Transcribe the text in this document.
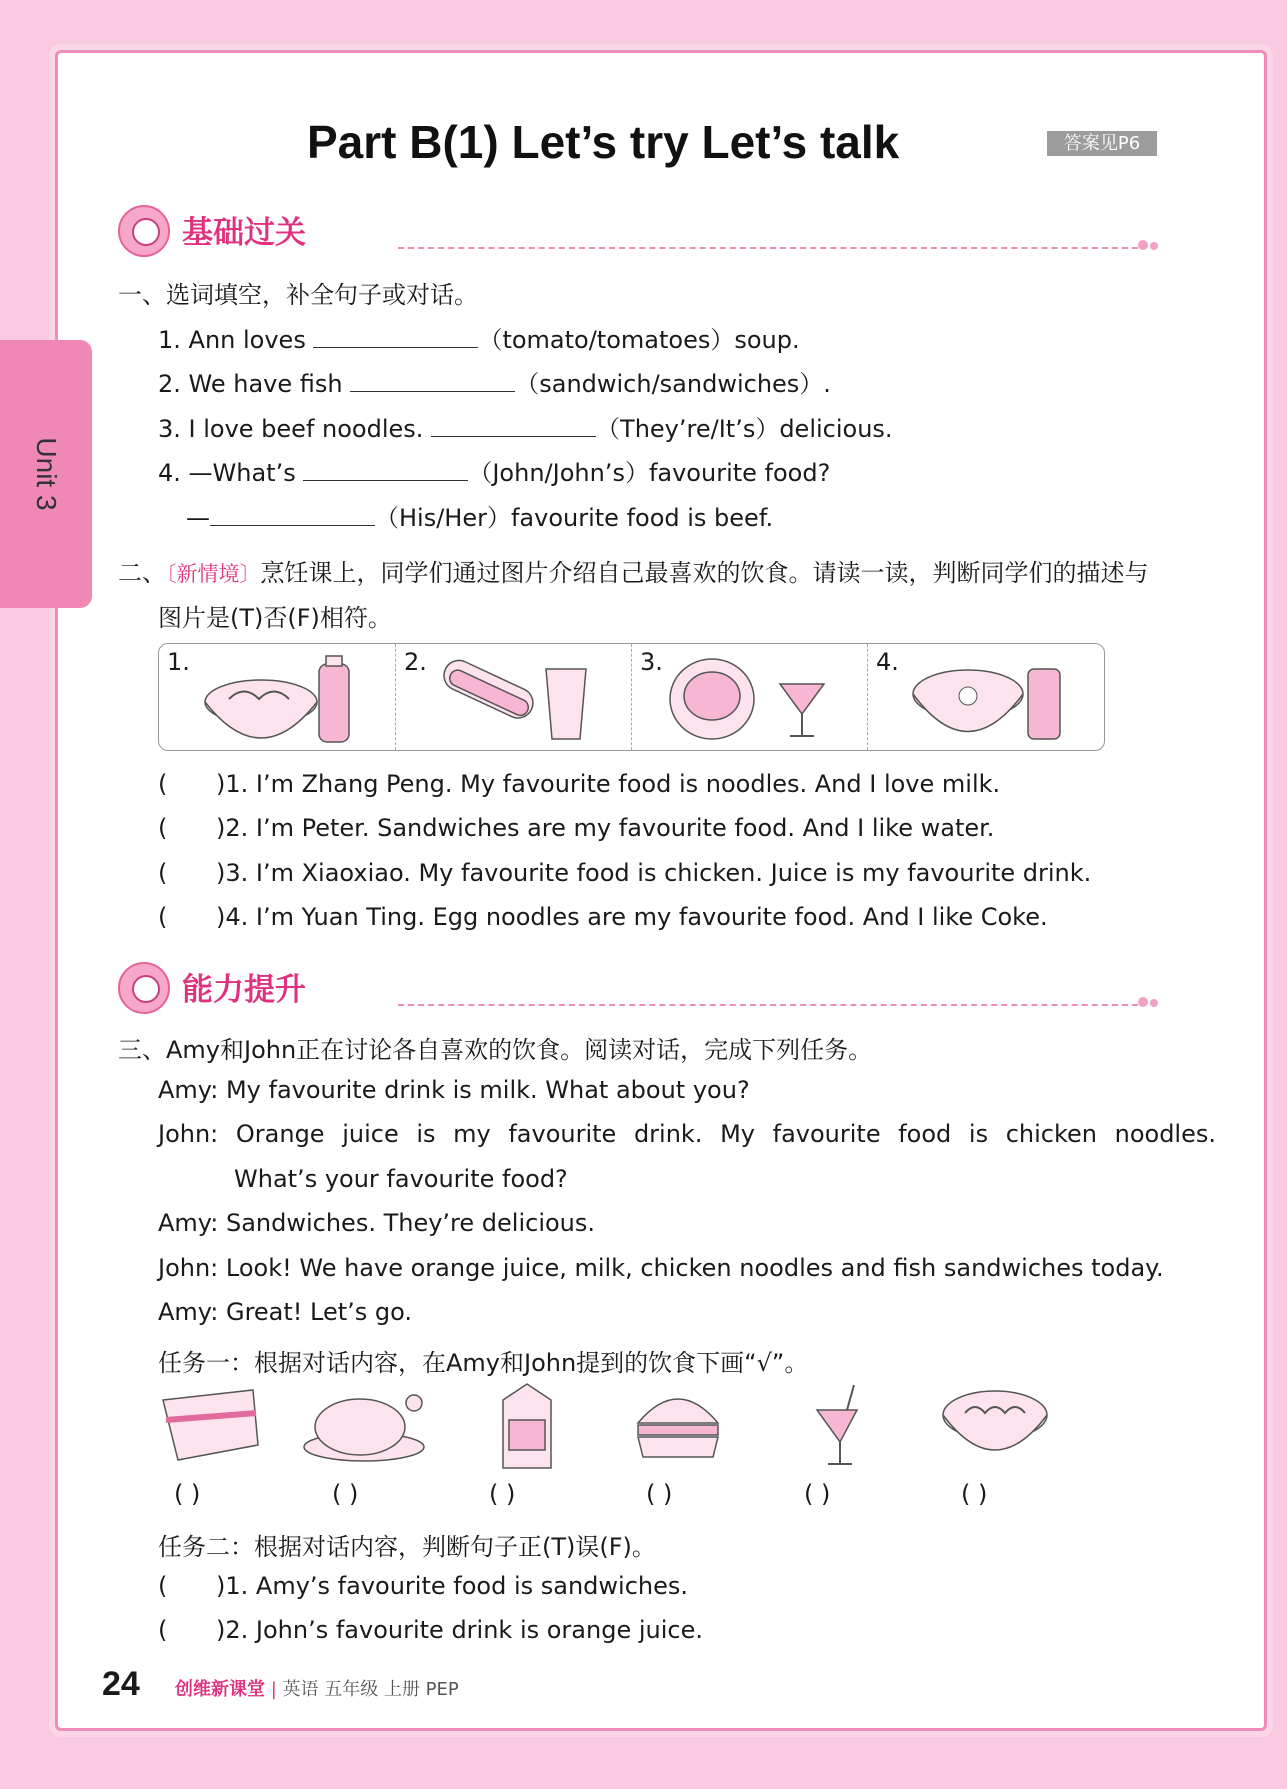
Unit 3
Part B(1) Let’s try Let’s talk	答案见P6
基础过关
一、选词填空，补全句子或对话。
1. Ann loves	（tomato/tomatoes）soup.
2. We have fish	（sandwich/sandwiches）.
3. I love beef noodles.	（They’re/It’s）delicious.
4. —What’s	（John/John’s）favourite food?
—	（His/Her）favourite food is beef.
二、〔新情境〕烹饪课上，同学们通过图片介绍自己最喜欢的饮食。请读一读，判断同学们的描述与
图片是(T)否(F)相符。
1.	2.	3.	4.
( )1. I’m Zhang Peng. My favourite food is noodles. And I love milk.
( )2. I’m Peter. Sandwiches are my favourite food. And I like water.
( )3. I’m Xiaoxiao. My favourite food is chicken. Juice is my favourite drink.
( )4. I’m Yuan Ting. Egg noodles are my favourite food. And I like Coke.
能力提升
三、Amy和John正在讨论各自喜欢的饮食。阅读对话，完成下列任务。
Amy: My favourite drink is milk. What about you?
John: Orange juice is my favourite drink. My favourite food is chicken noodles.
What’s your favourite food?
Amy: Sandwiches. They’re delicious.
John: Look! We have orange juice, milk, chicken noodles and fish sandwiches today.
Amy: Great! Let’s go.
任务一：根据对话内容，在Amy和John提到的饮食下画“√”。
( )	( )	( )	( )	( )	( )
任务二：根据对话内容，判断句子正(T)误(F)。
( )1. Amy’s favourite food is sandwiches.
( )2. John’s favourite drink is orange juice.
24 创维新课堂 | 英语 五年级 上册 PEP
